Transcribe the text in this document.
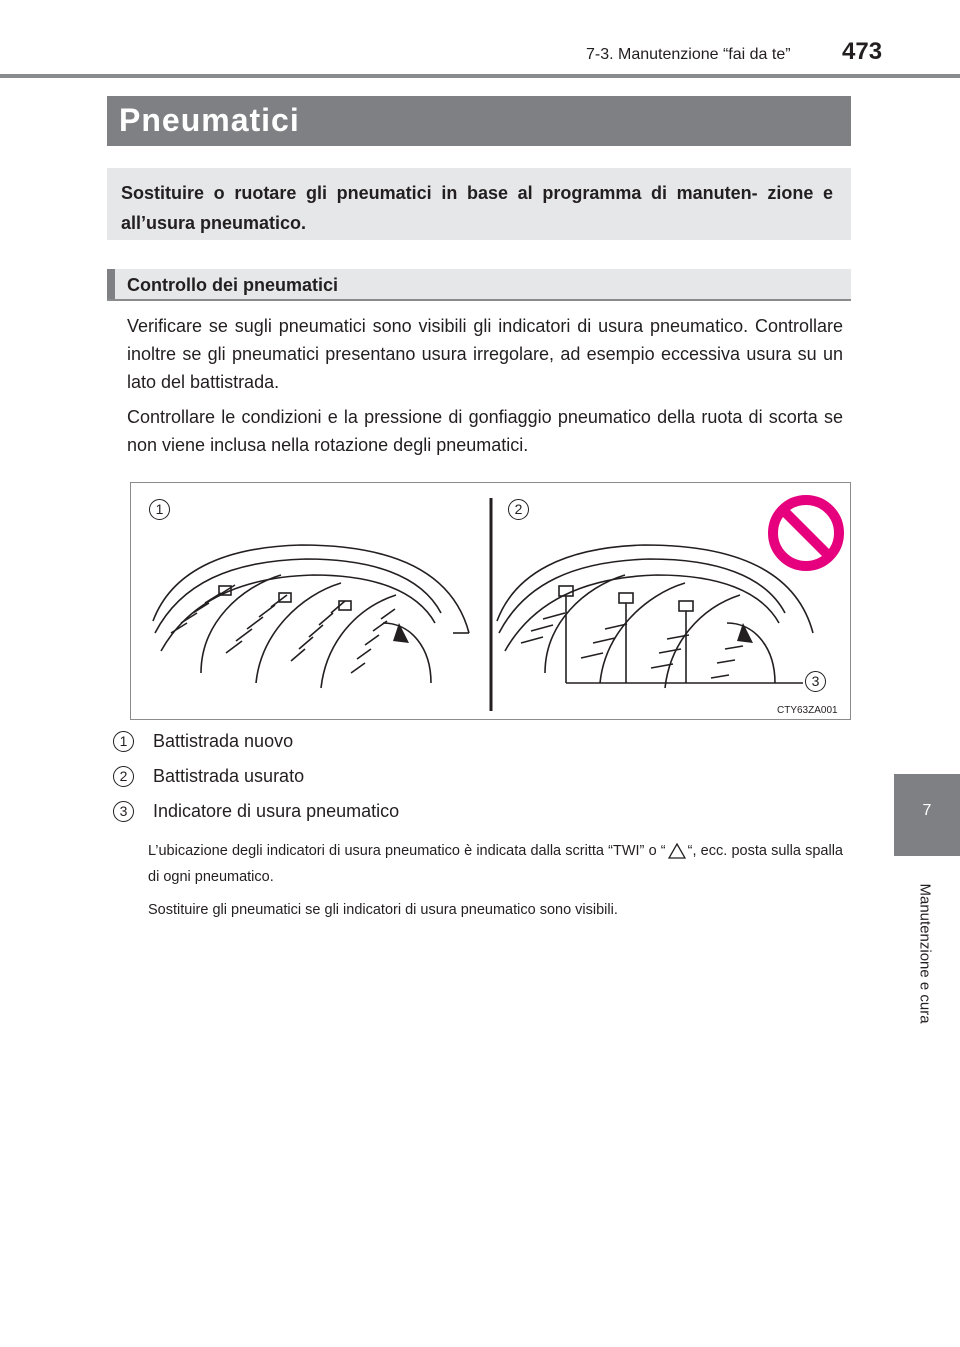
7-3. Manutenzione “fai da te” 473
7
Manutenzione e cura
Pneumatici
Sostituire o ruotare gli pneumatici in base al programma di manuten- zione e all’usura pneumatico.
Controllo dei pneumatici
Verificare se sugli pneumatici sono visibili gli indicatori di usura pneumatico. Controllare inoltre se gli pneumatici presentano usura irregolare, ad esempio eccessiva usura su un lato del battistrada.
Controllare le condizioni e la pressione di gonfiaggio pneumatico della ruota di scorta se non viene inclusa nella rotazione degli pneumatici.
1	2
3
CTY63ZA001
1	Battistrada nuovo
2	Battistrada usurato
3	Indicatore di usura pneumatico
L’ubicazione degli indicatori di usura pneumatico è indicata dalla scritta “TWI” o “ “, ecc. posta sulla spalla di ogni pneumatico.
Sostituire gli pneumatici se gli indicatori di usura pneumatico sono visibili.
